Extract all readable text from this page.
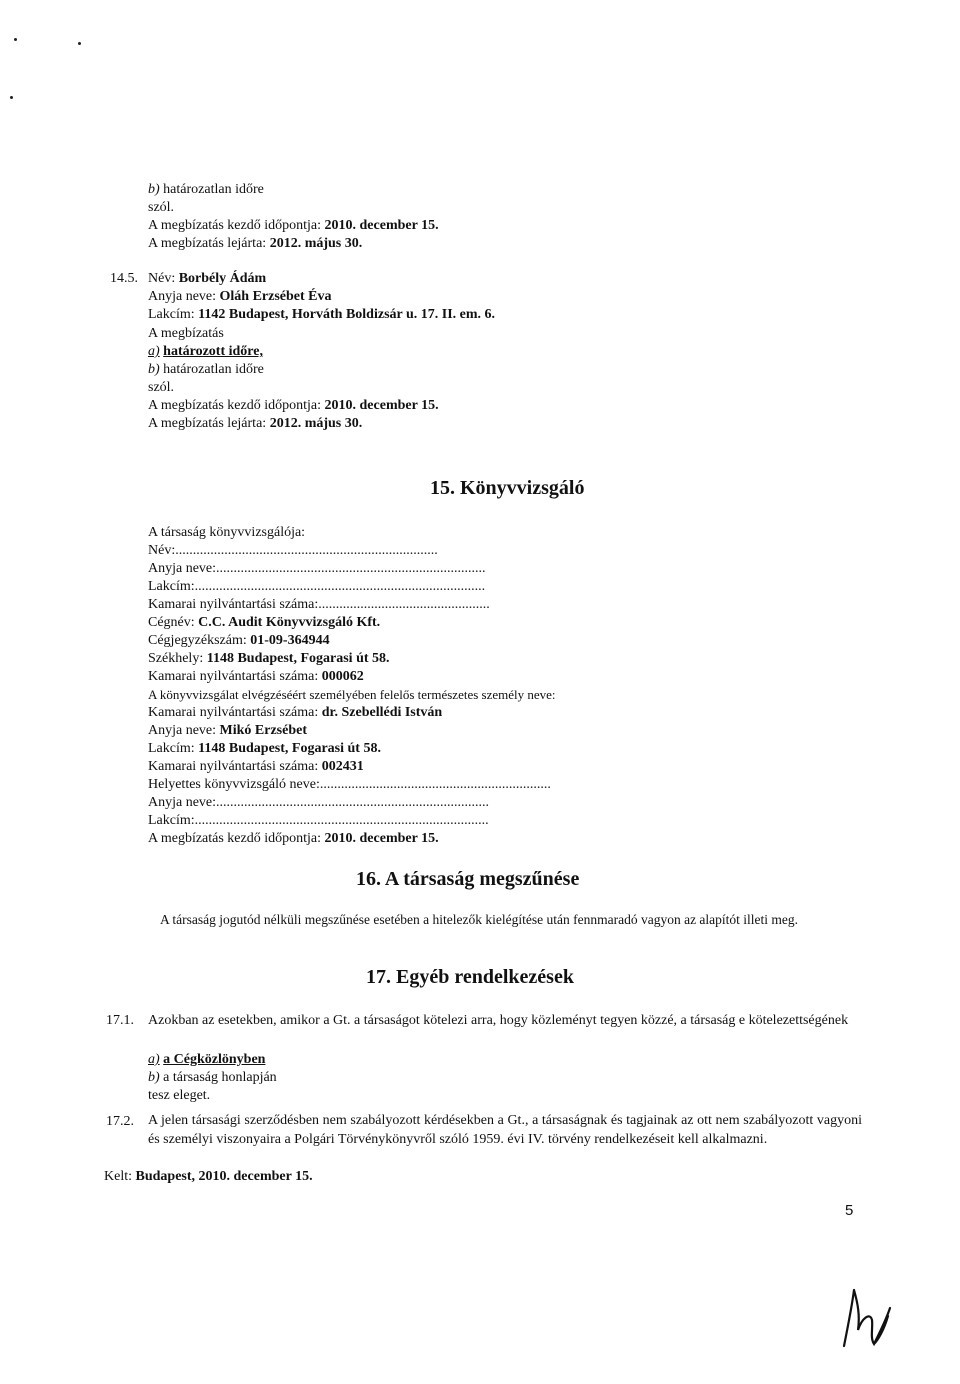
b) határozatlan időre
szól.
A megbízatás kezdő időpontja: 2010. december 15.
A megbízatás lejárta: 2012. május 30.
14.5. Név: Borbély Ádám
Anyja neve: Oláh Erzsébet Éva
Lakcím: 1142 Budapest, Horváth Boldizsár u. 17. II. em. 6.
A megbízatás
a) határozott időre,
b) határozatlan időre
szól.
A megbízatás kezdő időpontja: 2010. december 15.
A megbízatás lejárta: 2012. május 30.
15. Könyvvizsgáló
A társaság könyvvizsgálója:
Név:...........................................................................
Anyja neve:.............................................................................
Lakcím:...................................................................................
Kamarai nyilvántartási száma:.................................................
Cégnév: C.C. Audit Könyvvizsgáló Kft.
Cégjegyzékszám: 01-09-364944
Székhely: 1148 Budapest, Fogarasi út 58.
Kamarai nyilvántartási száma: 000062
A könyvvizsgálat elvégzéséért személyében felelős természetes személy neve:
Kamarai nyilvántartási száma: dr. Szebellédi István
Anyja neve: Mikó Erzsébet
Lakcím: 1148 Budapest, Fogarasi út 58.
Kamarai nyilvántartási száma: 002431
Helyettes könyvvizsgáló neve:..................................................................
Anyja neve:..............................................................................
Lakcím:....................................................................................
A megbízatás kezdő időpontja: 2010. december 15.
16. A társaság megszűnése
A társaság jogutód nélküli megszűnése esetében a hitelezők kielégítése után fennmaradó vagyon az alapítót illeti meg.
17. Egyéb rendelkezések
17.1. Azokban az esetekben, amikor a Gt. a társaságot kötelezi arra, hogy közleményt tegyen közzé, a társaság e kötelezettségének
a) a Cégközlönyben
b) a társaság honlapján
tesz eleget.
17.2. A jelen társasági szerződésben nem szabályozott kérdésekben a Gt., a társaságnak és tagjainak az ott nem szabályozott vagyoni és személyi viszonyaira a Polgári Törvénykönyvről szóló 1959. évi IV. törvény rendelkezéseit kell alkalmazni.
Kelt: Budapest, 2010. december 15.
5
